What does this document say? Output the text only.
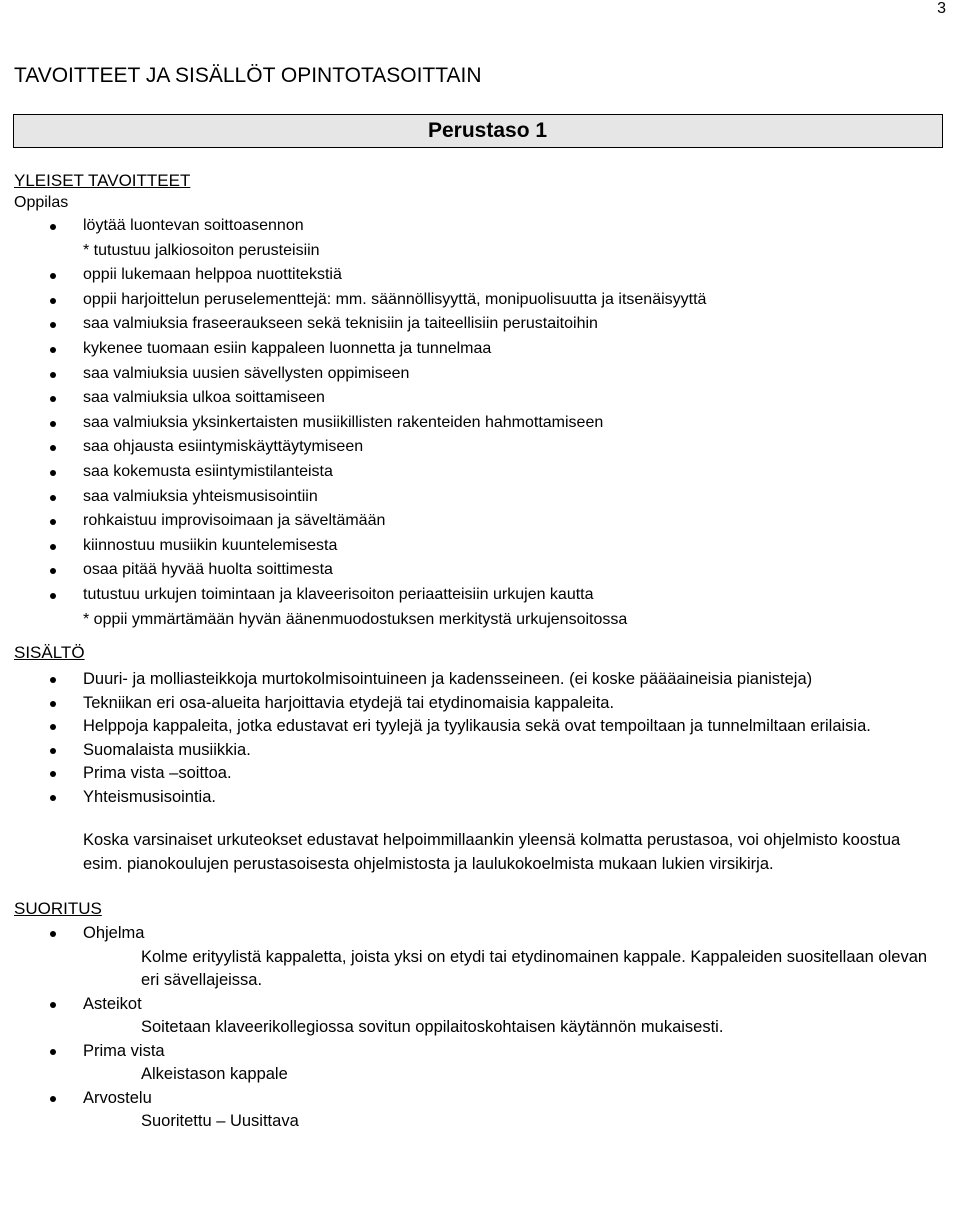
3
TAVOITTEET JA SISÄLLÖT OPINTOTASOITTAIN
Perustaso 1
YLEISET TAVOITTEET
Oppilas
löytää luontevan soittoasennon
* tutustuu jalkiosoiton perusteisiin
oppii lukemaan helppoa nuottitekstiä
oppii harjoittelun peruselementtejä: mm. säännöllisyyttä, monipuolisuutta ja itsenäisyyttä
saa valmiuksia fraseeraukseen sekä teknisiin ja taiteellisiin perustaitoihin
kykenee tuomaan esiin kappaleen luonnetta ja tunnelmaa
saa valmiuksia uusien sävellysten oppimiseen
saa valmiuksia ulkoa soittamiseen
saa valmiuksia yksinkertaisten musiikillisten rakenteiden hahmottamiseen
saa ohjausta esiintymiskäyttäytymiseen
saa kokemusta esiintymistilanteista
saa valmiuksia yhteismusisointiin
rohkaistuu improvisoimaan ja säveltämään
kiinnostuu musiikin kuuntelemisesta
osaa pitää hyvää huolta soittimesta
tutustuu urkujen toimintaan ja klaveerisoiton periaatteisiin urkujen kautta
* oppii ymmärtämään hyvän äänenmuodostuksen merkitystä urkujensoitossa
SISÄLTÖ
Duuri- ja molliasteikkoja murtokolmisointuineen ja kadensseineen. (ei koske päääaineisia pianisteja)
Tekniikan eri osa-alueita harjoittavia etydejä tai etydinomaisia kappaleita.
Helppoja kappaleita, jotka edustavat eri tyylejä ja tyylikausia sekä ovat tempoiltaan ja tunnelmiltaan erilaisia.
Suomalaista musiikkia.
Prima vista –soittoa.
Yhteismusisointia.
Koska varsinaiset urkuteokset edustavat helpoimmillaankin yleensä kolmatta perustasoa, voi ohjelmisto koostua esim. pianokoulujen perustasoisesta ohjelmistosta ja laulukokoelmista mukaan lukien virsikirja.
SUORITUS
Ohjelma
Kolme erityylistä kappaletta, joista yksi on etydi tai etydinomainen kappale. Kappaleiden suositellaan olevan eri sävellajeissa.
Asteikot
Soitetaan klaveerikollegiossa sovitun oppilaitoskohtaisen käytännön mukaisesti.
Prima vista
Alkeistason kappale
Arvostelu
Suoritettu – Uusittava
